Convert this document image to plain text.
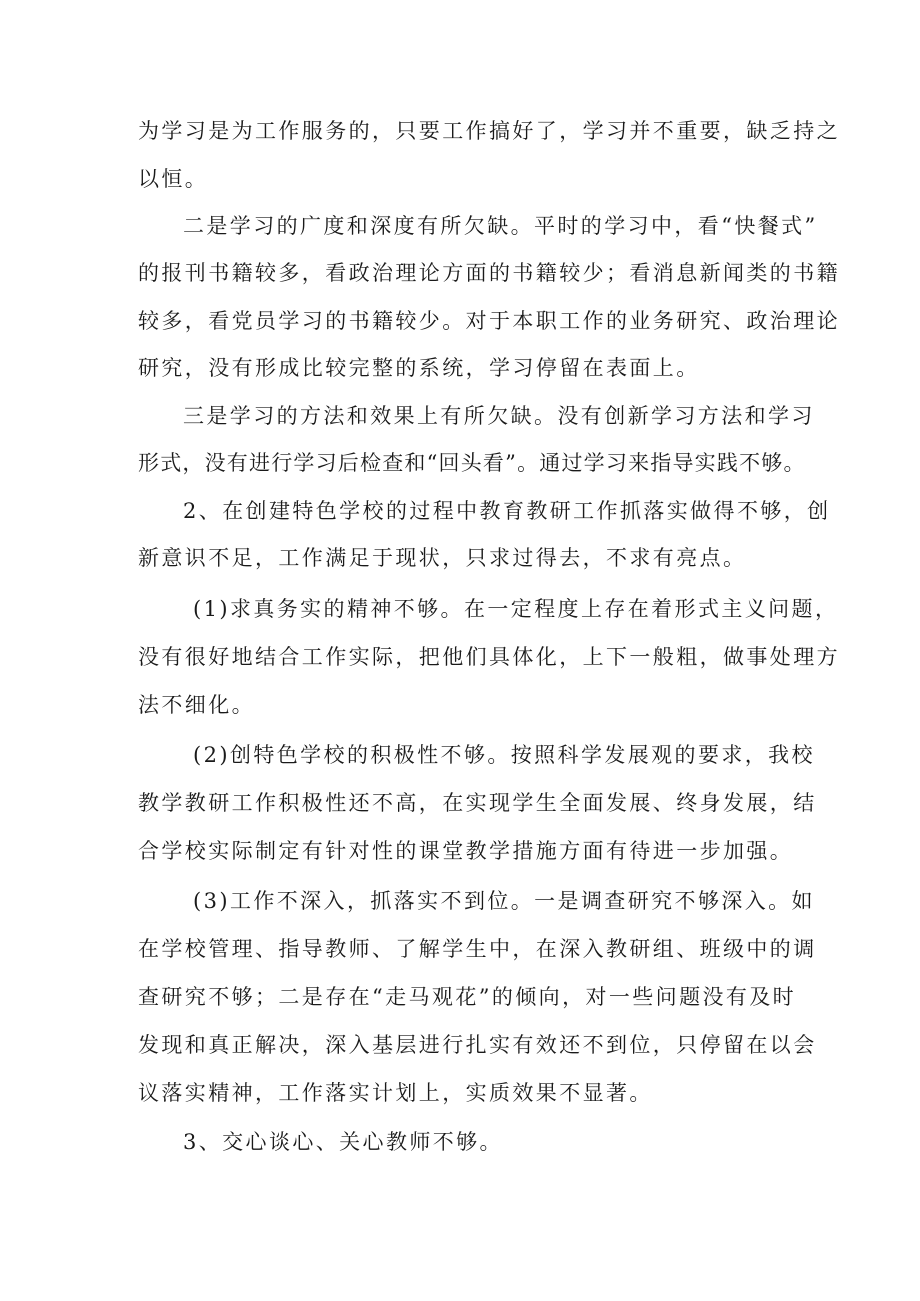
为学习是为工作服务的，只要工作搞好了，学习并不重要，缺乏持之
以恒。
二是学习的广度和深度有所欠缺。平时的学习中，看“快餐式”
的报刊书籍较多，看政治理论方面的书籍较少；看消息新闻类的书籍
较多，看党员学习的书籍较少。对于本职工作的业务研究、政治理论
研究，没有形成比较完整的系统，学习停留在表面上。
三是学习的方法和效果上有所欠缺。没有创新学习方法和学习
形式，没有进行学习后检查和“回头看”。通过学习来指导实践不够。
2、在创建特色学校的过程中教育教研工作抓落实做得不够，创
新意识不足，工作满足于现状，只求过得去，不求有亮点。
(1)求真务实的精神不够。在一定程度上存在着形式主义问题，
没有很好地结合工作实际，把他们具体化，上下一般粗，做事处理方
法不细化。
(2)创特色学校的积极性不够。按照科学发展观的要求，我校
教学教研工作积极性还不高，在实现学生全面发展、终身发展，结
合学校实际制定有针对性的课堂教学措施方面有待进一步加强。
(3)工作不深入，抓落实不到位。一是调查研究不够深入。如
在学校管理、指导教师、了解学生中，在深入教研组、班级中的调
查研究不够；二是存在“走马观花”的倾向，对一些问题没有及时
发现和真正解决，深入基层进行扎实有效还不到位，只停留在以会
议落实精神，工作落实计划上，实质效果不显著。
3、交心谈心、关心教师不够。
